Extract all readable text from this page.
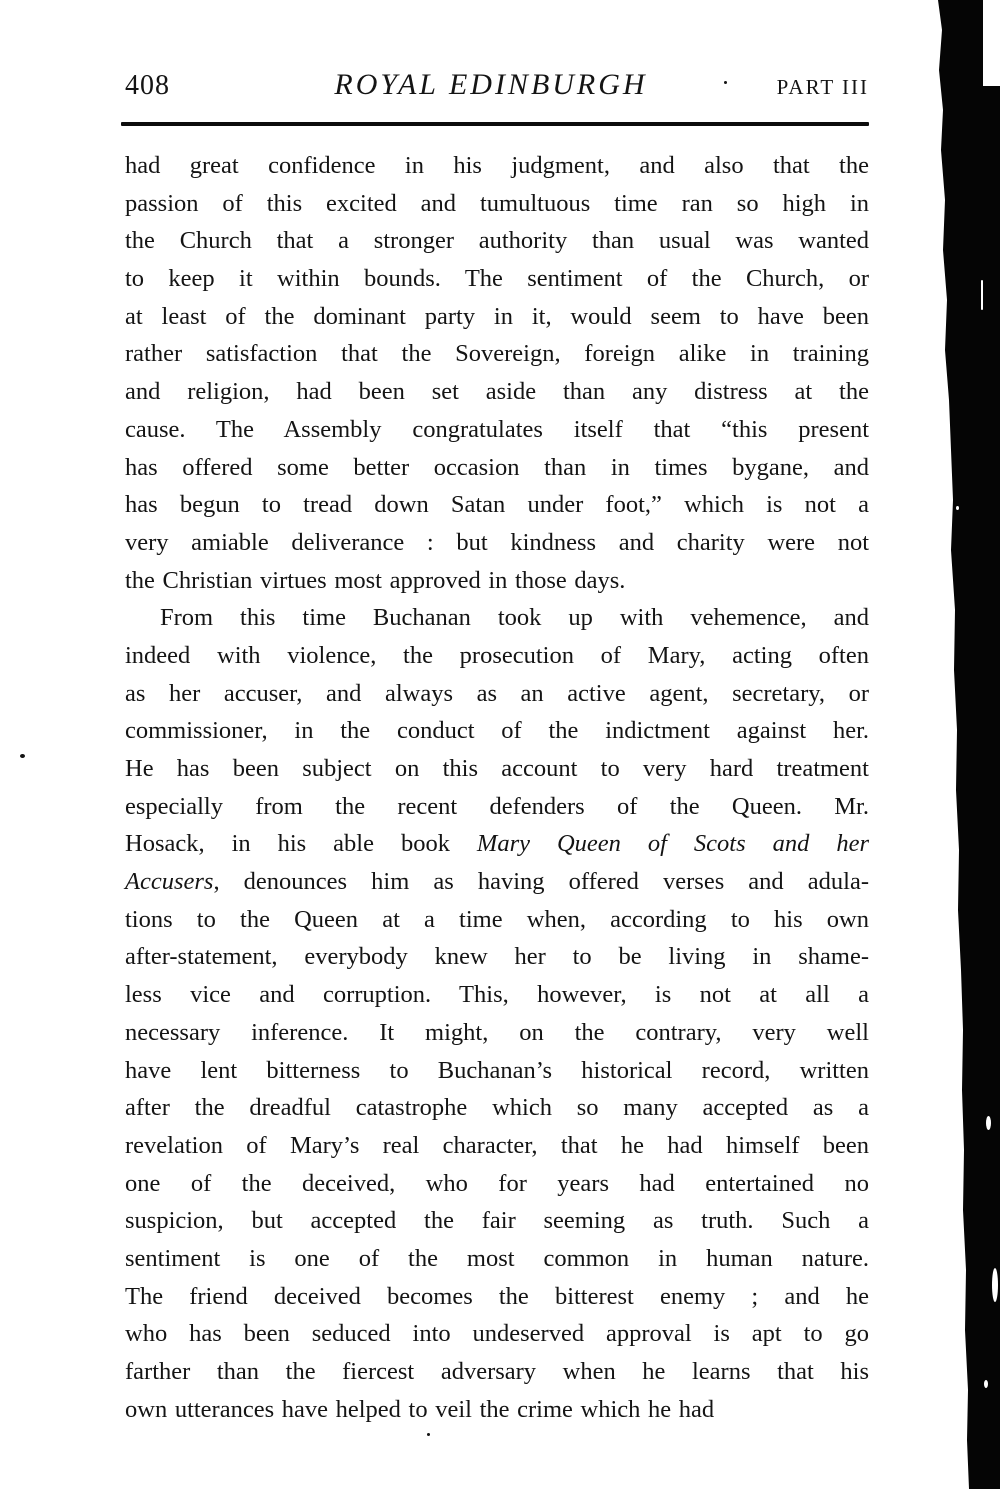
408	ROYAL EDINBURGH	PART III
had great confidence in his judgment, and also that the
passion of this excited and tumultuous time ran so high in
the Church that a stronger authority than usual was wanted
to keep it within bounds. The sentiment of the Church, or
at least of the dominant party in it, would seem to have been
rather satisfaction that the Sovereign, foreign alike in training
and religion, had been set aside than any distress at the
cause. The Assembly congratulates itself that “this present
has offered some better occasion than in times bygane, and
has begun to tread down Satan under foot,” which is not a
very amiable deliverance : but kindness and charity were not
the Christian virtues most approved in those days.
From this time Buchanan took up with vehemence, and
indeed with violence, the prosecution of Mary, acting often
as her accuser, and always as an active agent, secretary, or
commissioner, in the conduct of the indictment against her.
He has been subject on this account to very hard treatment
especially from the recent defenders of the Queen. Mr.
Hosack, in his able book Mary Queen of Scots and her
Accusers, denounces him as having offered verses and adula-
tions to the Queen at a time when, according to his own
after-statement, everybody knew her to be living in shame-
less vice and corruption. This, however, is not at all a
necessary inference. It might, on the contrary, very well
have lent bitterness to Buchanan’s historical record, written
after the dreadful catastrophe which so many accepted as a
revelation of Mary’s real character, that he had himself been
one of the deceived, who for years had entertained no
suspicion, but accepted the fair seeming as truth. Such a
sentiment is one of the most common in human nature.
The friend deceived becomes the bitterest enemy ; and he
who has been seduced into undeserved approval is apt to go
farther than the fiercest adversary when he learns that his
own utterances have helped to veil the crime which he had
